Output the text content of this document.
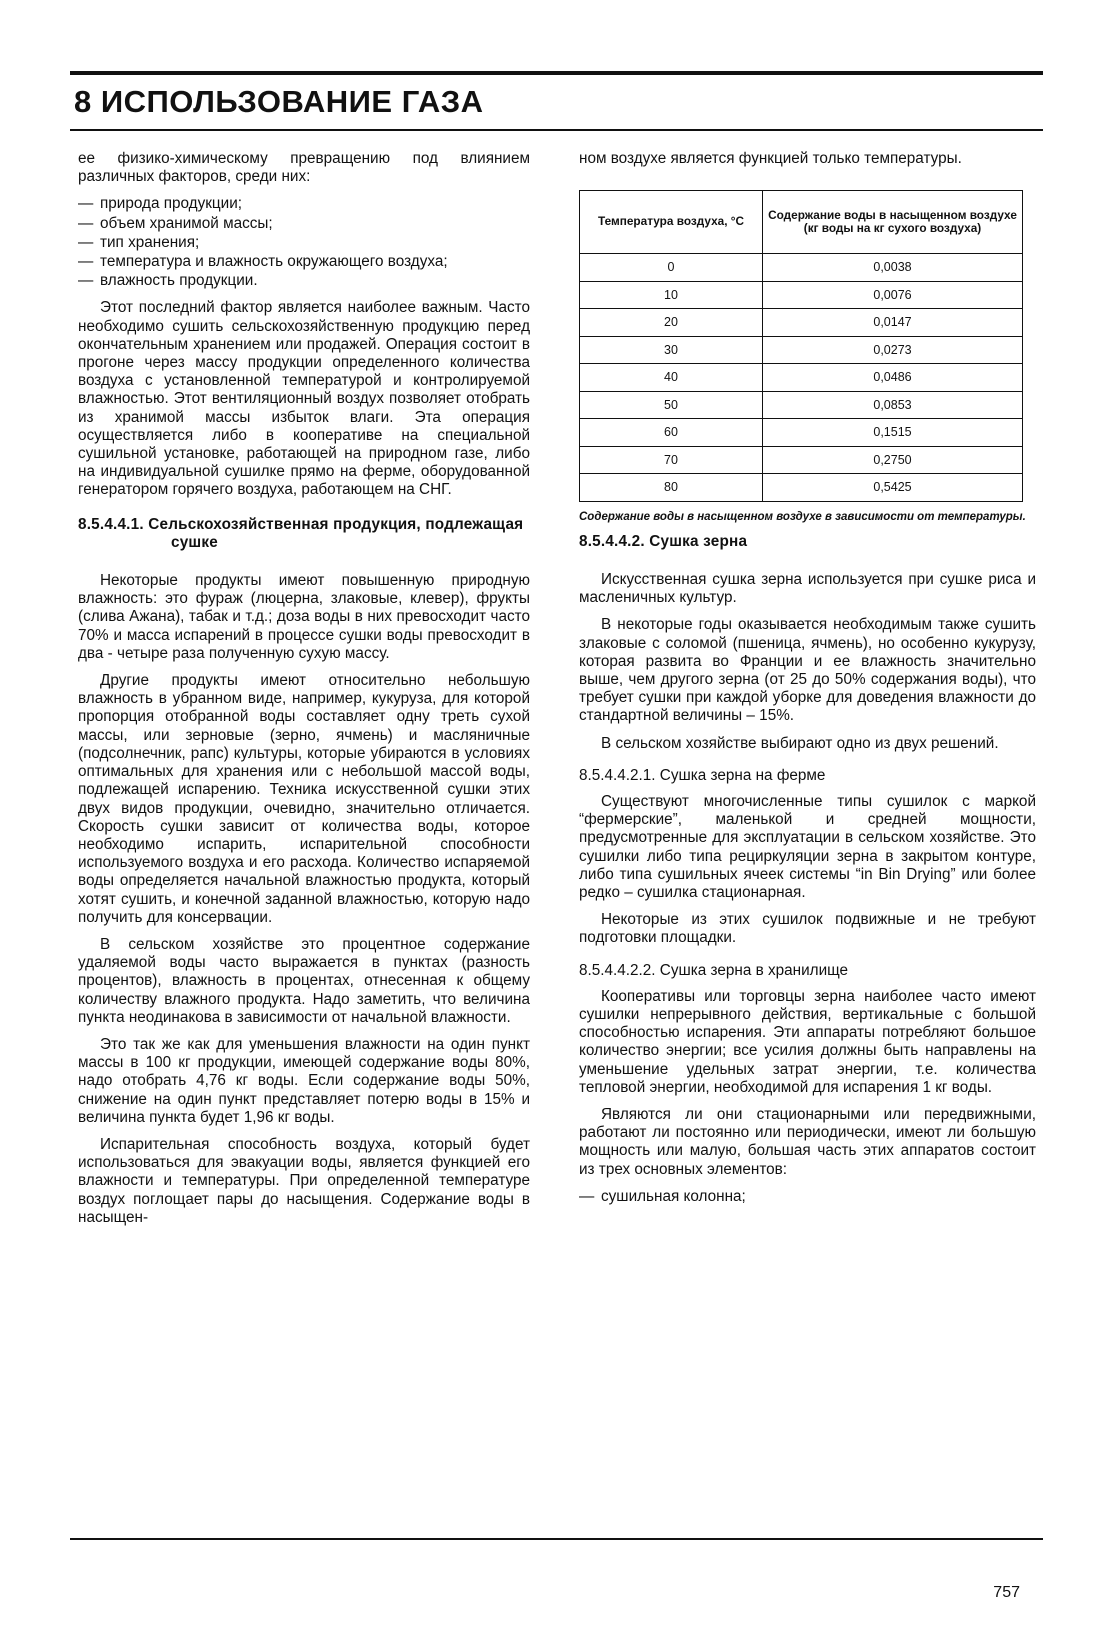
8 ИСПОЛЬЗОВАНИЕ ГАЗА

ее физико-химическому превращению под влиянием различных факторов, среди них:

— природа продукции;
— объем хранимой массы;
— тип хранения;
— температура и влажность окружающего воздуха;
— влажность продукции.

Этот последний фактор является наиболее важным. Часто необходимо сушить сельскохозяйственную продукцию перед окончательным хранением или продажей. Операция состоит в прогоне через массу продукции определенного количества воздуха с установленной температурой и контролируемой влажностью. Этот вентиляционный воздух позволяет отобрать из хранимой массы избыток влаги. Эта операция осуществляется либо в кооперативе на специальной сушильной установке, работающей на природном газе, либо на индивидуальной сушилке прямо на ферме, оборудованной генератором горячего воздуха, работающем на СНГ.

8.5.4.4.1. Сельскохозяйственная продукция, подлежащая сушке

Некоторые продукты имеют повышенную природную влажность: это фураж (люцерна, злаковые, клевер), фрукты (слива Ажана), табак и т.д.; доза воды в них превосходит часто 70% и масса испарений в процессе сушки воды превосходит в два - четыре раза полученную сухую массу.

Другие продукты имеют относительно небольшую влажность в убранном виде, например, кукуруза, для которой пропорция отобранной воды составляет одну треть сухой массы, или зерновые (зерно, ячмень) и масляничные (подсолнечник, рапс) культуры, которые убираются в условиях оптимальных для хранения или с небольшой массой воды, подлежащей испарению. Техника искусственной сушки этих двух видов продукции, очевидно, значительно отличается. Скорость сушки зависит от количества воды, которое необходимо испарить, испарительной способности используемого воздуха и его расхода. Количество испаряемой воды определяется начальной влажностью продукта, который хотят сушить, и конечной заданной влажностью, которую надо получить для консервации.

В сельском хозяйстве это процентное содержание удаляемой воды часто выражается в пунктах (разность процентов), влажность в процентах, отнесенная к общему количеству влажного продукта. Надо заметить, что величина пункта неодинакова в зависимости от начальной влажности.

Это так же как для уменьшения влажности на один пункт массы в 100 кг продукции, имеющей содержание воды 80%, надо отобрать 4,76 кг воды. Если содержание воды 50%, снижение на один пункт представляет потерю воды в 15% и величина пункта будет 1,96 кг воды.

Испарительная способность воздуха, который будет использоваться для эвакуации воды, является функцией его влажности и температуры. При определенной температуре воздух поглощает пары до насыщения. Содержание воды в насыщен-

ном воздухе является функцией только температуры.

Температура воздуха, °С	Содержание воды в насыщенном воздухе (кг воды на кг сухого воздуха)
0	0,0038
10	0,0076
20	0,0147
30	0,0273
40	0,0486
50	0,0853
60	0,1515
70	0,2750
80	0,5425

Содержание воды в насыщенном воздухе в зависимости от температуры.

8.5.4.4.2. Сушка зерна

Искусственная сушка зерна используется при сушке риса и масленичных культур.

В некоторые годы оказывается необходимым также сушить злаковые с соломой (пшеница, ячмень), но особенно кукурузу, которая развита во Франции и ее влажность значительно выше, чем другого зерна (от 25 до 50% содержания воды), что требует сушки при каждой уборке для доведения влажности до стандартной величины – 15%.

В сельском хозяйстве выбирают одно из двух решений.

8.5.4.4.2.1. Сушка зерна на ферме

Существуют многочисленные типы сушилок с маркой “фермерские”, маленькой и средней мощности, предусмотренные для эксплуатации в сельском хозяйстве. Это сушилки либо типа рециркуляции зерна в закрытом контуре, либо типа сушильных ячеек системы “in Bin Drying” или более редко – сушилка стационарная.

Некоторые из этих сушилок подвижные и не требуют подготовки площадки.

8.5.4.4.2.2. Сушка зерна в хранилище

Кооперативы или торговцы зерна наиболее часто имеют сушилки непрерывного действия, вертикальные с большой способностью испарения. Эти аппараты потребляют большое количество энергии; все усилия должны быть направлены на уменьшение удельных затрат энергии, т.е. количества тепловой энергии, необходимой для испарения 1 кг воды.

Являются ли они стационарными или передвижными, работают ли постоянно или периодически, имеют ли большую мощность или малую, большая часть этих аппаратов состоит из трех основных элементов:

— сушильная колонна;
757
